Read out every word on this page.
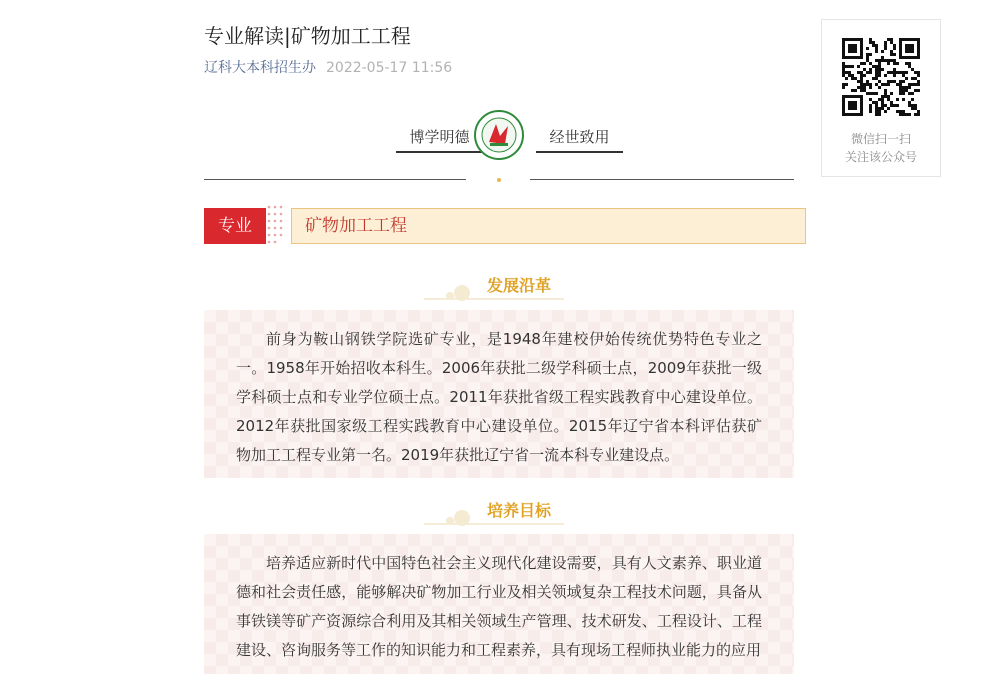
专业解读|矿物加工工程
辽科大本科招生办 2022-05-17 11:56
博学明德	经世致用
专业	矿物加工工程
发展沿革

前身为鞍山钢铁学院选矿专业，是1948年建校伊始传统优势特色专业之一。1958年开始招收本科生。2006年获批二级学科硕士点，2009年获批一级学科硕士点和专业学位硕士点。2011年获批省级工程实践教育中心建设单位。2012年获批国家级工程实践教育中心建设单位。2015年辽宁省本科评估获矿物加工工程专业第一名。2019年获批辽宁省一流本科专业建设点。

培养目标

培养适应新时代中国特色社会主义现代化建设需要，具有人文素养、职业道德和社会责任感，能够解决矿物加工行业及相关领域复杂工程技术问题，具备从事铁镁等矿产资源综合利用及其相关领域生产管理、技术研发、工程设计、工程建设、咨询服务等工作的知识能力和工程素养，具有现场工程师执业能力的应用

微信扫一扫
关注该公众号
